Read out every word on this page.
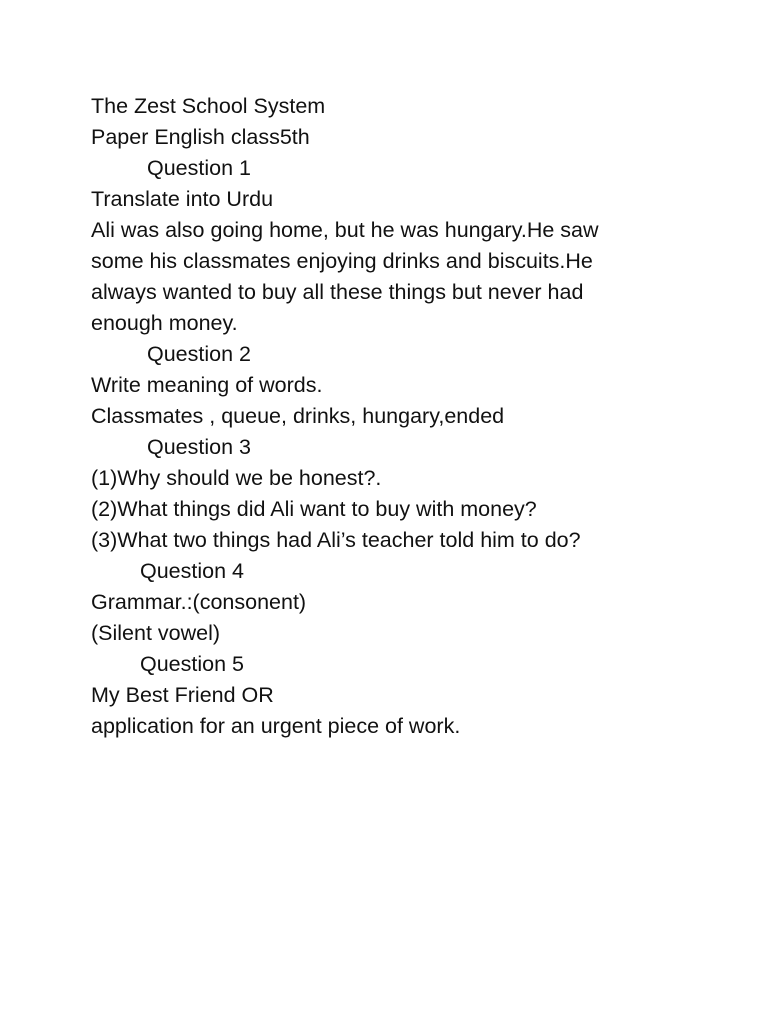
The Zest School System
Paper English class5th
Question 1
Translate into Urdu
Ali was also going home, but he was hungary.He saw
some his classmates enjoying drinks and biscuits.He
always wanted to buy all these things but never had
enough money.
Question 2
Write meaning of words.
Classmates , queue, drinks, hungary,ended
Question 3
(1)Why should we be honest?.
(2)What things did Ali want to buy with money?
(3)What two things had Ali’s teacher told him to do?
Question 4
Grammar.:(consonent)
(Silent vowel)
Question 5
My Best Friend OR
application for an urgent piece of work.
